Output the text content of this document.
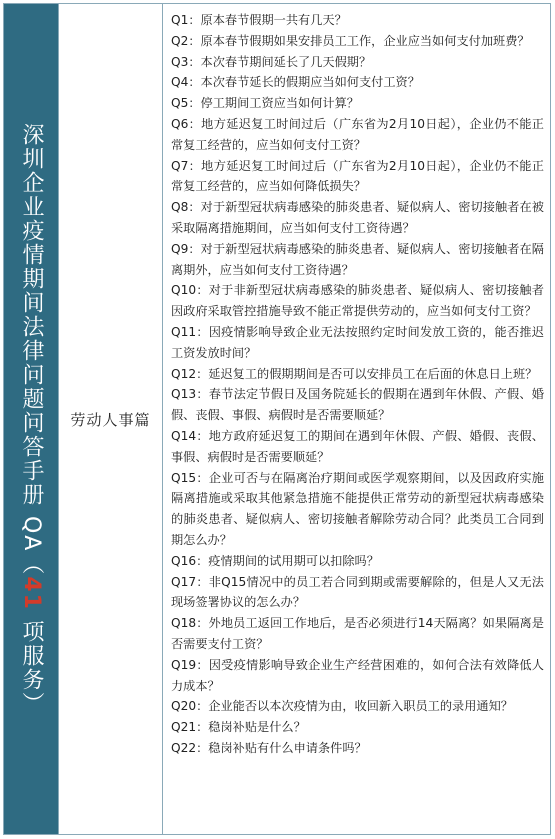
深圳企业疫情期间法律问题问答手册 QA（41 项服务）
劳动人事篇

Q1：原本春节假期一共有几天？

Q2：原本春节假期如果安排员工工作，企业应当如何支付加班费？

Q3：本次春节期间延长了几天假期？

Q4：本次春节延长的假期应当如何支付工资？

Q5：停工期间工资应当如何计算？

Q6：地方延迟复工时间过后（广东省为2月10日起），企业仍不能正常复工经营的，应当如何支付工资？

Q7：地方延迟复工时间过后（广东省为2月10日起），企业仍不能正常复工经营的，应当如何降低损失？

Q8：对于新型冠状病毒感染的肺炎患者、疑似病人、密切接触者在被采取隔离措施期间，应当如何支付工资待遇？

Q9：对于新型冠状病毒感染的肺炎患者、疑似病人、密切接触者在隔离期外，应当如何支付工资待遇？

Q10：对于非新型冠状病毒感染的肺炎患者、疑似病人、密切接触者因政府采取管控措施导致不能正常提供劳动的，应当如何支付工资？

Q11：因疫情影响导致企业无法按照约定时间发放工资的，能否推迟工资发放时间？

Q12：延迟复工的假期期间是否可以安排员工在后面的休息日上班？

Q13：春节法定节假日及国务院延长的假期在遇到年休假、产假、婚假、丧假、事假、病假时是否需要顺延？

Q14：地方政府延迟复工的期间在遇到年休假、产假、婚假、丧假、事假、病假时是否需要顺延？

Q15：企业可否与在隔离治疗期间或医学观察期间，以及因政府实施隔离措施或采取其他紧急措施不能提供正常劳动的新型冠状病毒感染的肺炎患者、疑似病人、密切接触者解除劳动合同？此类员工合同到期怎么办？

Q16：疫情期间的试用期可以扣除吗？

Q17：非Q15情况中的员工若合同到期或需要解除的，但是人又无法现场签署协议的怎么办？

Q18：外地员工返回工作地后，是否必须进行14天隔离？如果隔离是否需要支付工资？

Q19：因受疫情影响导致企业生产经营困难的，如何合法有效降低人力成本？

Q20：企业能否以本次疫情为由，收回新入职员工的录用通知？

Q21：稳岗补贴是什么？

Q22：稳岗补贴有什么申请条件吗？
